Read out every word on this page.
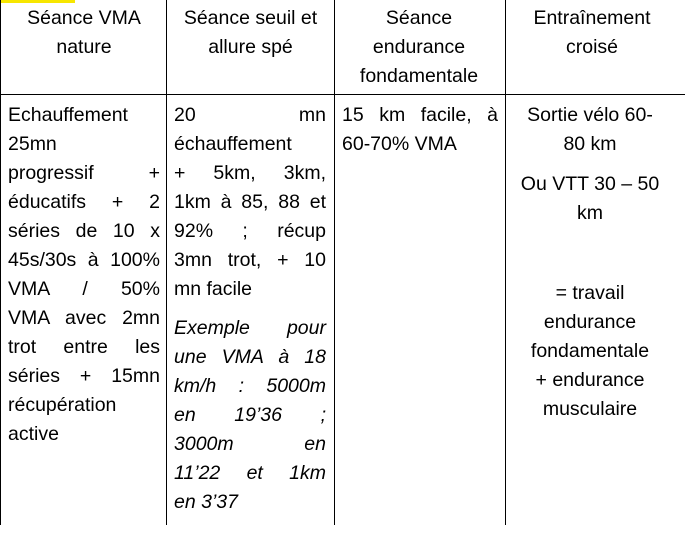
Séance VMA nature
Séance seuil et allure spé
Séance endurance fondamentale
Entraînement croisé

Echauffement

25mn

progressif +

éducatifs + 2

séries de 10 x

45s/30s à 100%

VMA / 50%

VMA avec 2mn

trot entre les

séries + 15mn

récupération

active

20 mn

échauffement

+ 5km, 3km,

1km à 85, 88 et

92% ; récup

3mn trot, + 10

mn facile

Exemple pour

une VMA à 18

km/h : 5000m

en 19’36 ;

3000m en

11’22 et 1km

en 3’37

15 km facile, à

60-70% VMA

Sortie vélo 60-

80 km

Ou VTT 30 – 50

km

= travail

endurance

fondamentale

+ endurance

musculaire
